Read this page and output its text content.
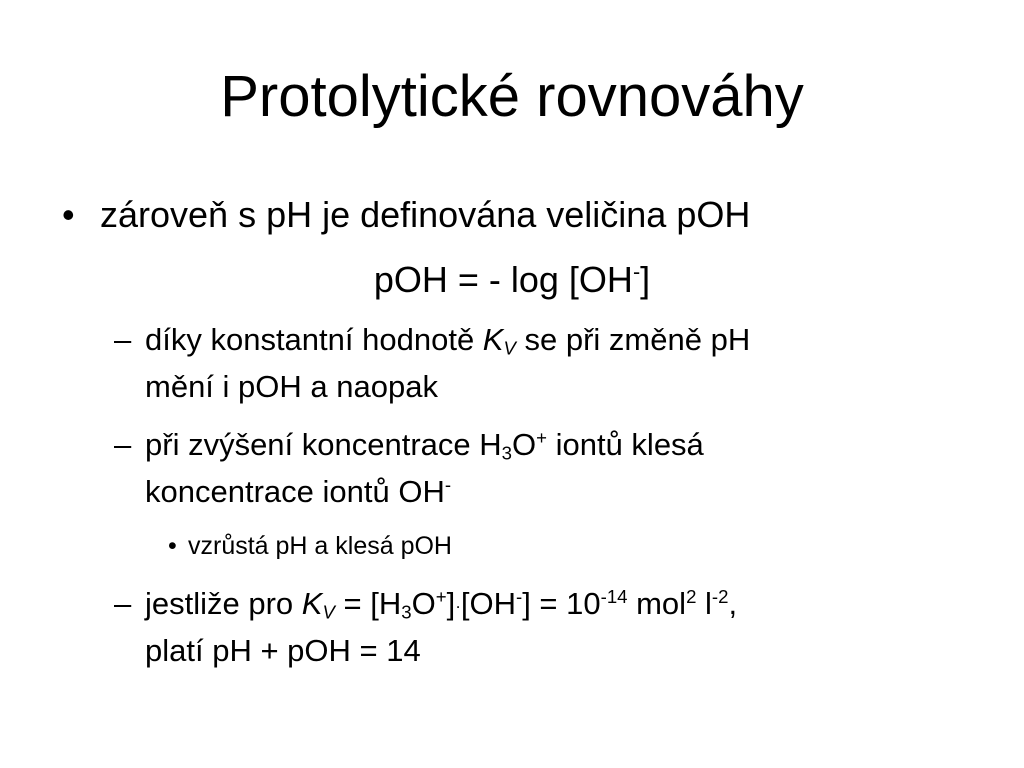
Protolytické rovnováhy
• zároveň s pH je definována veličina pOH
pOH = - log [OH-]
– díky konstantní hodnotě $K_V$ se při změně pH
mění i pOH a naopak
– při zvýšení koncentrace $H_3O^+$ iontů klesá
koncentrace iontů OH-
• vzrůstá pH a klesá pOH
– jestliže pro $K_V = [H_3O^+]\cdot[OH^-] = 10^{-14}$ mol$^2$ $l^{-2}$,
platí pH + pOH = 14
